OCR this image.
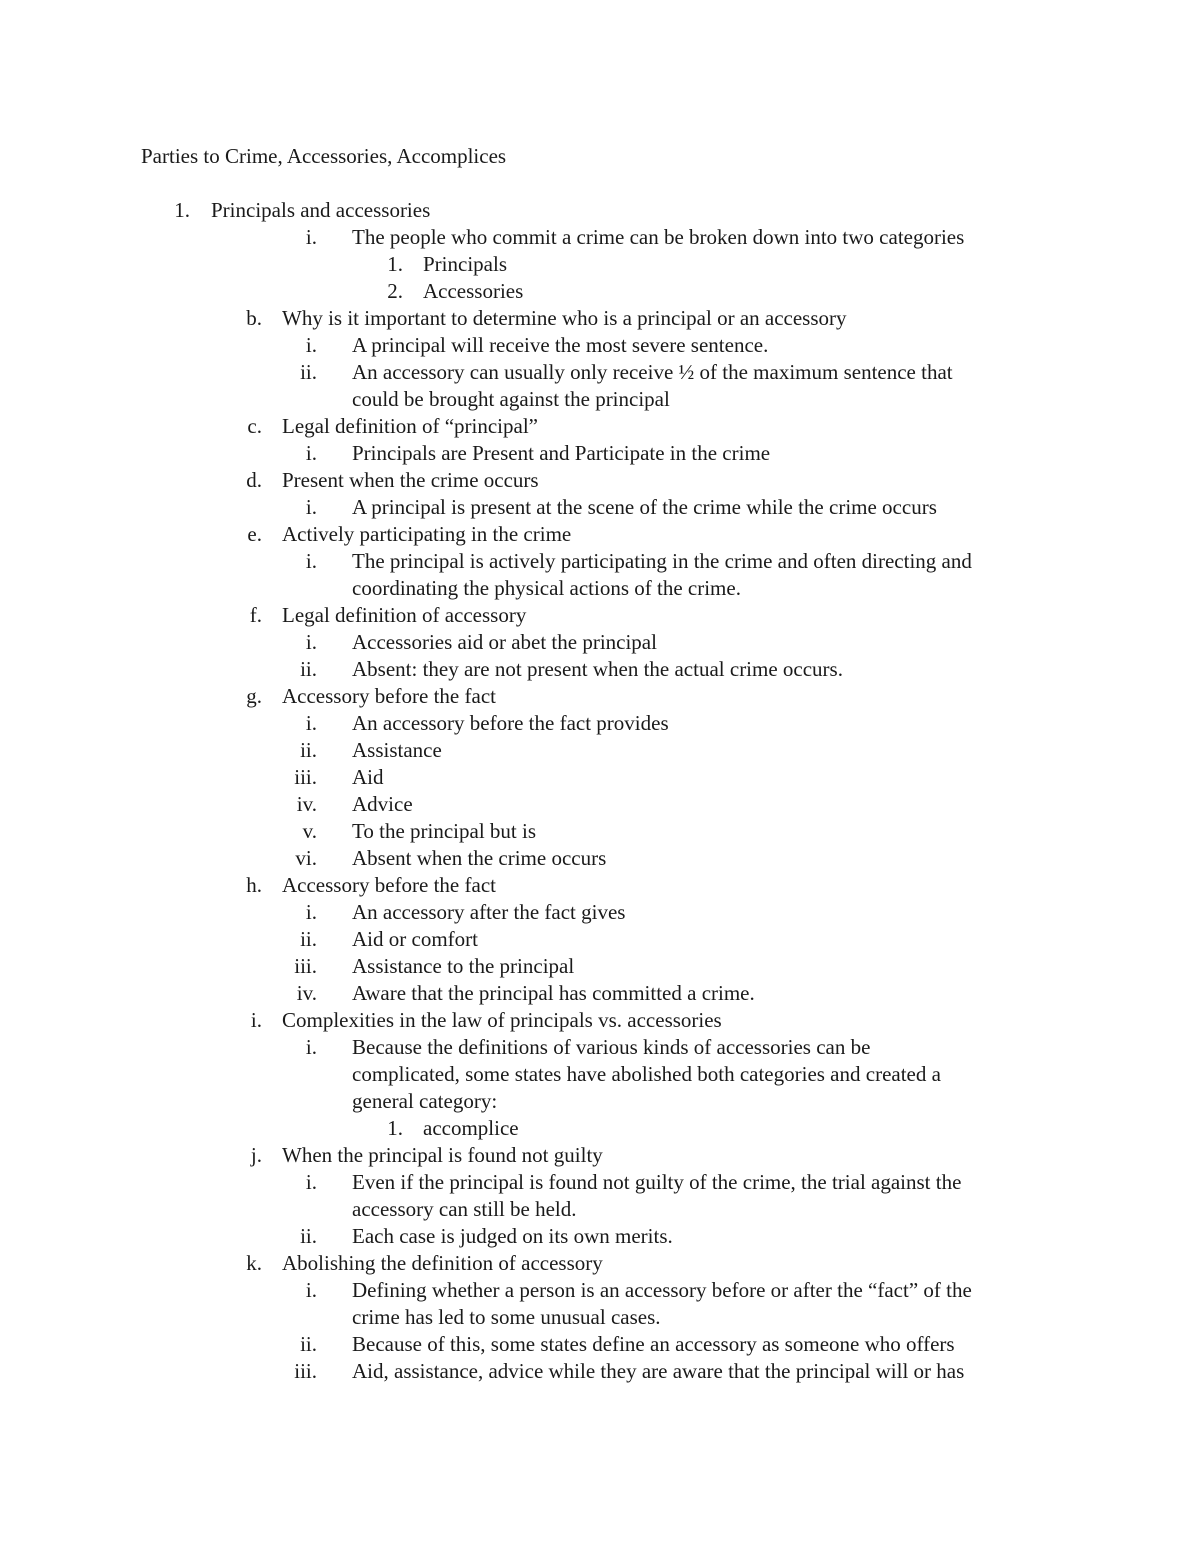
Parties to Crime, Accessories, Accomplices
1. Principals and accessories
i. The people who commit a crime can be broken down into two categories
1. Principals
2. Accessories
b. Why is it important to determine who is a principal or an accessory
i. A principal will receive the most severe sentence.
ii. An accessory can usually only receive ½ of the maximum sentence that
could be brought against the principal
c. Legal definition of “principal”
i. Principals are Present and Participate in the crime
d. Present when the crime occurs
i. A principal is present at the scene of the crime while the crime occurs
e. Actively participating in the crime
i. The principal is actively participating in the crime and often directing and
coordinating the physical actions of the crime.
f. Legal definition of accessory
i. Accessories aid or abet the principal
ii. Absent: they are not present when the actual crime occurs.
g. Accessory before the fact
i. An accessory before the fact provides
ii. Assistance
iii. Aid
iv. Advice
v. To the principal but is
vi. Absent when the crime occurs
h. Accessory before the fact
i. An accessory after the fact gives
ii. Aid or comfort
iii. Assistance to the principal
iv. Aware that the principal has committed a crime.
i. Complexities in the law of principals vs. accessories
i. Because the definitions of various kinds of accessories can be
complicated, some states have abolished both categories and created a
general category:
1. accomplice
j. When the principal is found not guilty
i. Even if the principal is found not guilty of the crime, the trial against the
accessory can still be held.
ii. Each case is judged on its own merits.
k. Abolishing the definition of accessory
i. Defining whether a person is an accessory before or after the “fact” of the
crime has led to some unusual cases.
ii. Because of this, some states define an accessory as someone who offers
iii. Aid, assistance, advice while they are aware that the principal will or has
